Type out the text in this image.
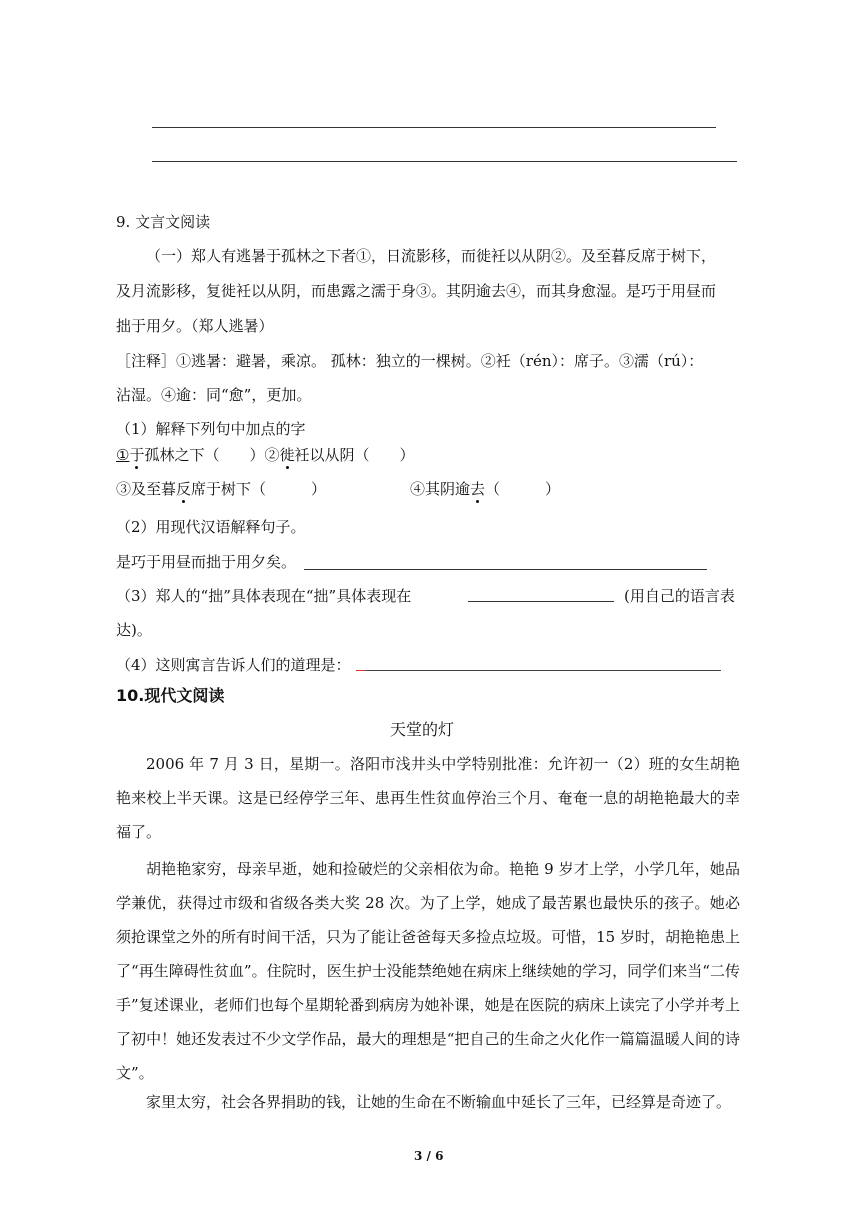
9. 文言文阅读
（一）郑人有逃暑于孤林之下者①，日流影移，而徙衽以从阴②。及至暮反席于树下，
及月流影移，复徙衽以从阴，而患露之濡于身③。其阴逾去④，而其身愈湿。是巧于用昼而
拙于用夕。（郑人逃暑）
［注释］①逃暑：避暑，乘凉。 孤林：独立的一棵树。②衽（rén）：席子。③濡（rú）：
沾湿。④逾：同“愈”，更加。
（1）解释下列句中加点的字
①于孤林之下（　　）②徙衽以从阴（　　）
③及至暮反席于树下（　　　）	④其阴逾去（　　　）
（2）用现代汉语解释句子。
是巧于用昼而拙于用夕矣。
（3）郑人的“拙”具体表现在“拙”具体表现在	(用自己的语言表
达)。
（4）这则寓言告诉人们的道理是：
10.现代文阅读
天堂的灯
2006 年 7 月 3 日，星期一。洛阳市浅井头中学特别批准：允许初一（2）班的女生胡艳艳来校上半天课。这是已经停学三年、患再生性贫血停治三个月、奄奄一息的胡艳艳最大的幸福了。
胡艳艳家穷，母亲早逝，她和捡破烂的父亲相依为命。艳艳 9 岁才上学，小学几年，她品学兼优，获得过市级和省级各类大奖 28 次。为了上学，她成了最苦累也最快乐的孩子。她必须抢课堂之外的所有时间干活，只为了能让爸爸每天多捡点垃圾。可惜，15 岁时，胡艳艳患上了“再生障碍性贫血”。住院时，医生护士没能禁绝她在病床上继续她的学习，同学们来当“二传手”复述课业，老师们也每个星期轮番到病房为她补课，她是在医院的病床上读完了小学并考上了初中！她还发表过不少文学作品，最大的理想是“把自己的生命之火化作一篇篇温暖人间的诗文”。
家里太穷，社会各界捐助的钱，让她的生命在不断输血中延长了三年，已经算是奇迹了。
3 / 6
